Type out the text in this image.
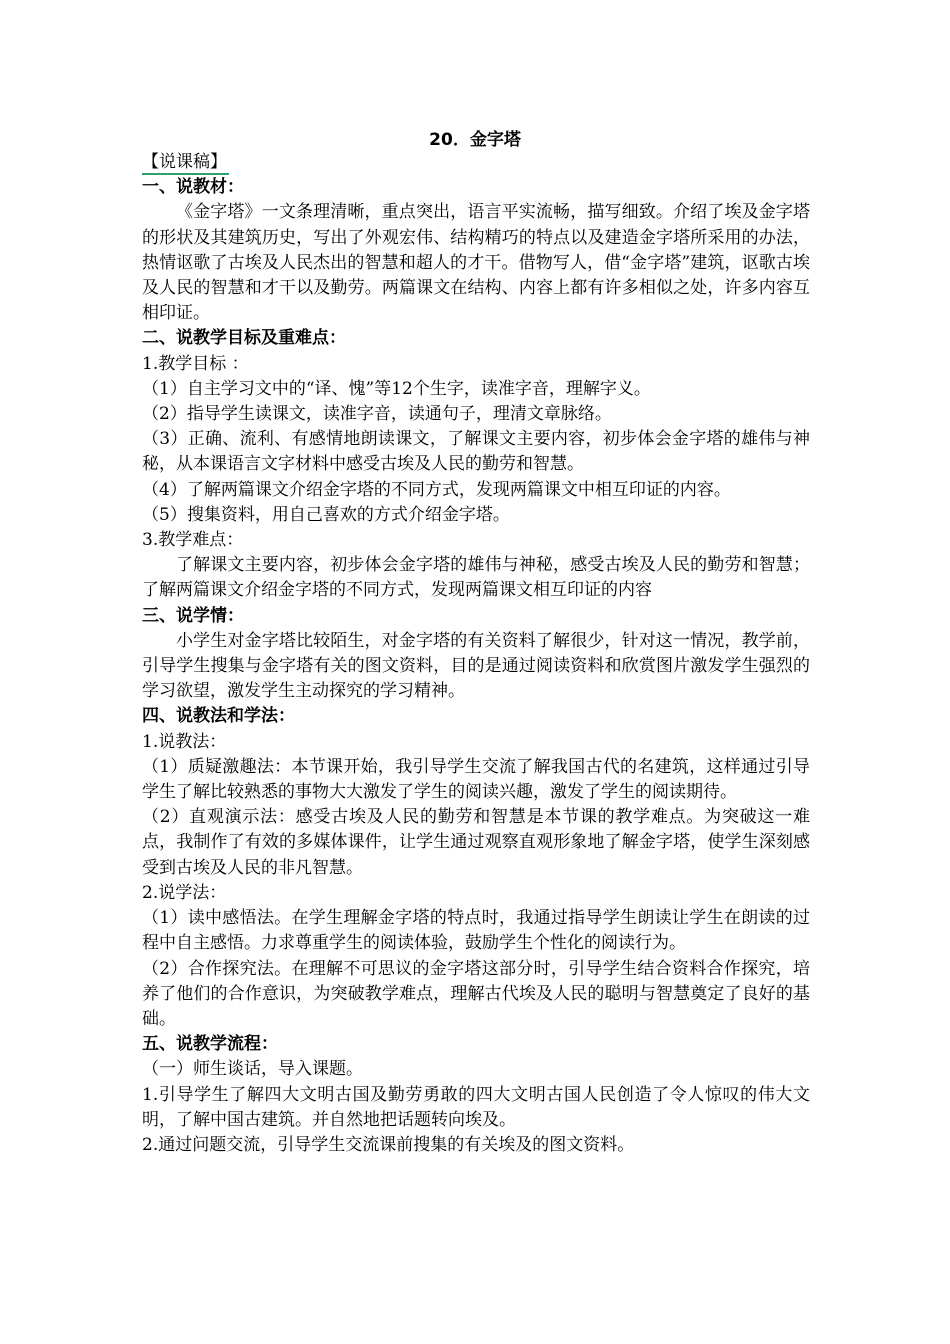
20．金字塔
【说课稿】
一、说教材：
《金字塔》一文条理清晰，重点突出，语言平实流畅，描写细致。介绍了埃及金字塔的形状及其建筑历史，写出了外观宏伟、结构精巧的特点以及建造金字塔所采用的办法，热情讴歌了古埃及人民杰出的智慧和超人的才干。借物写人，借“金字塔”建筑，讴歌古埃及人民的智慧和才干以及勤劳。两篇课文在结构、内容上都有许多相似之处，许多内容互相印证。
二、说教学目标及重难点：
1.教学目标 ：
（1）自主学习文中的“译、愧”等12个生字，读准字音，理解字义。
（2）指导学生读课文，读准字音，读通句子，理清文章脉络。
（3）正确、流利、有感情地朗读课文，了解课文主要内容，初步体会金字塔的雄伟与神秘，从本课语言文字材料中感受古埃及人民的勤劳和智慧。
（4）了解两篇课文介绍金字塔的不同方式，发现两篇课文中相互印证的内容。
（5）搜集资料，用自己喜欢的方式介绍金字塔。
3.教学难点：
了解课文主要内容，初步体会金字塔的雄伟与神秘，感受古埃及人民的勤劳和智慧；了解两篇课文介绍金字塔的不同方式，发现两篇课文相互印证的内容
三、说学情：
小学生对金字塔比较陌生，对金字塔的有关资料了解很少，针对这一情况，教学前，引导学生搜集与金字塔有关的图文资料，目的是通过阅读资料和欣赏图片激发学生强烈的学习欲望，激发学生主动探究的学习精神。
四、说教法和学法：
1.说教法：
（1）质疑激趣法：本节课开始，我引导学生交流了解我国古代的名建筑，这样通过引导学生了解比较熟悉的事物大大激发了学生的阅读兴趣，激发了学生的阅读期待。
（2）直观演示法：感受古埃及人民的勤劳和智慧是本节课的教学难点。为突破这一难点，我制作了有效的多媒体课件，让学生通过观察直观形象地了解金字塔，使学生深刻感受到古埃及人民的非凡智慧。
2.说学法：
（1）读中感悟法。在学生理解金字塔的特点时，我通过指导学生朗读让学生在朗读的过程中自主感悟。力求尊重学生的阅读体验，鼓励学生个性化的阅读行为。
（2）合作探究法。在理解不可思议的金字塔这部分时，引导学生结合资料合作探究，培养了他们的合作意识，为突破教学难点，理解古代埃及人民的聪明与智慧奠定了良好的基础。
五、说教学流程：
（一）师生谈话，导入课题。
1.引导学生了解四大文明古国及勤劳勇敢的四大文明古国人民创造了令人惊叹的伟大文明，了解中国古建筑。并自然地把话题转向埃及。
2.通过问题交流，引导学生交流课前搜集的有关埃及的图文资料。
